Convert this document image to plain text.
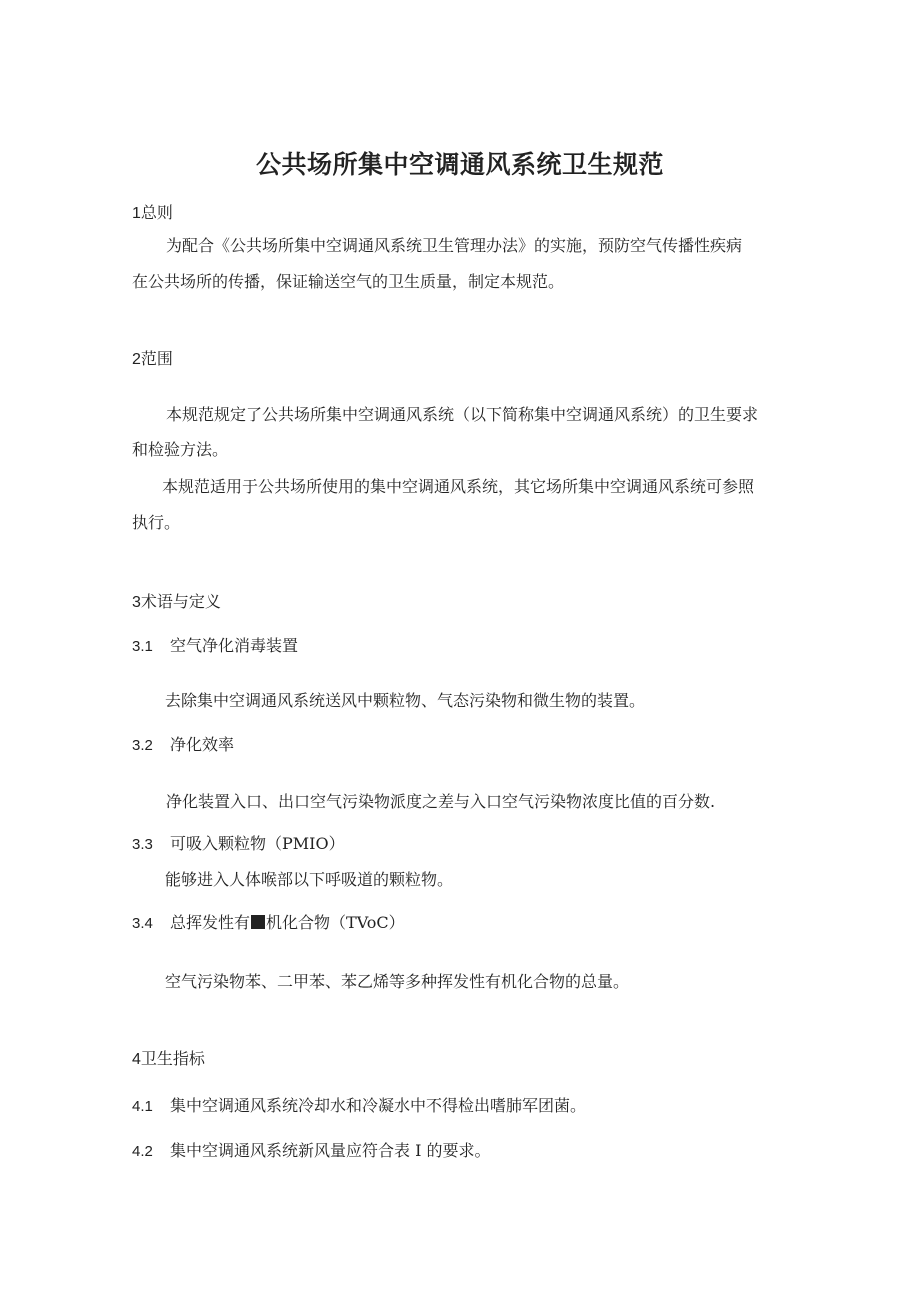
公共场所集中空调通风系统卫生规范
1总则
为配合《公共场所集中空调通风系统卫生管理办法》的实施，预防空气传播性疾病
在公共场所的传播，保证输送空气的卫生质量，制定本规范。
2范围
本规范规定了公共场所集中空调通风系统（以下简称集中空调通风系统）的卫生要求
和检验方法。
本规范适用于公共场所使用的集中空调通风系统，其它场所集中空调通风系统可参照
执行。
3术语与定义
3.1 空气净化消毒装置
去除集中空调通风系统送风中颗粒物、气态污染物和微生物的装置。
3.2 净化效率
净化装置入口、出口空气污染物派度之差与入口空气污染物浓度比值的百分数.
3.3 可吸入颗粒物（PMIO）
能够进入人体喉部以下呼吸道的颗粒物。
3.4 总挥发性有 机化合物（TVoC）
空气污染物苯、二甲苯、苯乙烯等多种挥发性有机化合物的总量。
4卫生指标
4.1 集中空调通风系统冷却水和冷凝水中不得检出嗜肺军团菌。
4.2 集中空调通风系统新风量应符合表 I 的要求。
